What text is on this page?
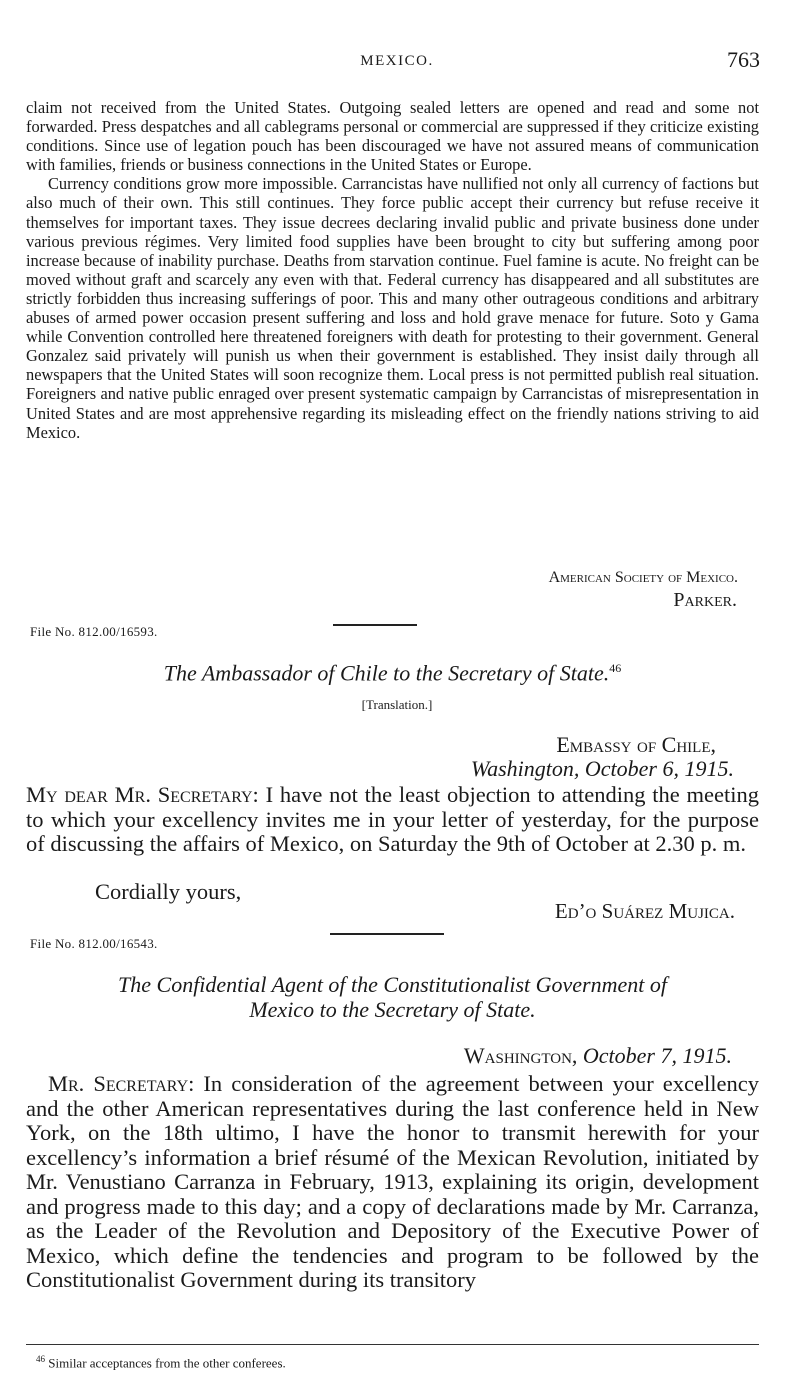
MEXICO.	763

claim not received from the United States. Outgoing sealed letters are opened and read and some not forwarded. Press despatches and all cablegrams personal or commercial are suppressed if they criticize existing conditions. Since use of legation pouch has been discouraged we have not assured means of communication with families, friends or business connections in the United States or Europe.

Currency conditions grow more impossible. Carrancistas have nullified not only all currency of factions but also much of their own. This still continues. They force public accept their currency but refuse receive it themselves for important taxes. They issue decrees declaring invalid public and private business done under various previous régimes. Very limited food supplies have been brought to city but suffering among poor increase because of inability purchase. Deaths from starvation continue. Fuel famine is acute. No freight can be moved without graft and scarcely any even with that. Federal currency has disappeared and all substitutes are strictly forbidden thus increasing sufferings of poor. This and many other outrageous conditions and arbitrary abuses of armed power occasion present suffering and loss and hold grave menace for future. Soto y Gama while Convention controlled here threatened foreigners with death for protesting to their government. General Gonzalez said privately will punish us when their government is established. They insist daily through all newspapers that the United States will soon recognize them. Local press is not permitted publish real situation. Foreigners and native public enraged over present systematic campaign by Carrancistas of misrepresentation in United States and are most apprehensive regarding its misleading effect on the friendly nations striving to aid Mexico.

American Society of Mexico.
Parker.
File No. 812.00/16593.
The Ambassador of Chile to the Secretary of State.$^{46}$
[Translation.]
Embassy of Chile,
Washington, October 6, 1915.

My dear Mr. Secretary: I have not the least objection to attending the meeting to which your excellency invites me in your letter of yesterday, for the purpose of discussing the affairs of Mexico, on Saturday the 9th of October at 2.30 p. m.

Cordially yours,
Ed’o Suárez Mujica.
File No. 812.00/16543.
The Confidential Agent of the Constitutionalist Government of
Mexico to the Secretary of State.
Washington, October 7, 1915.

Mr. Secretary: In consideration of the agreement between your excellency and the other American representatives during the last conference held in New York, on the 18th ultimo, I have the honor to transmit herewith for your excellency’s information a brief résumé of the Mexican Revolution, initiated by Mr. Venustiano Carranza in February, 1913, explaining its origin, development and progress made to this day; and a copy of declarations made by Mr. Carranza, as the Leader of the Revolution and Depository of the Executive Power of Mexico, which define the tendencies and program to be followed by the Constitutionalist Government during its transitory

$^{46}$ Similar acceptances from the other conferees.
